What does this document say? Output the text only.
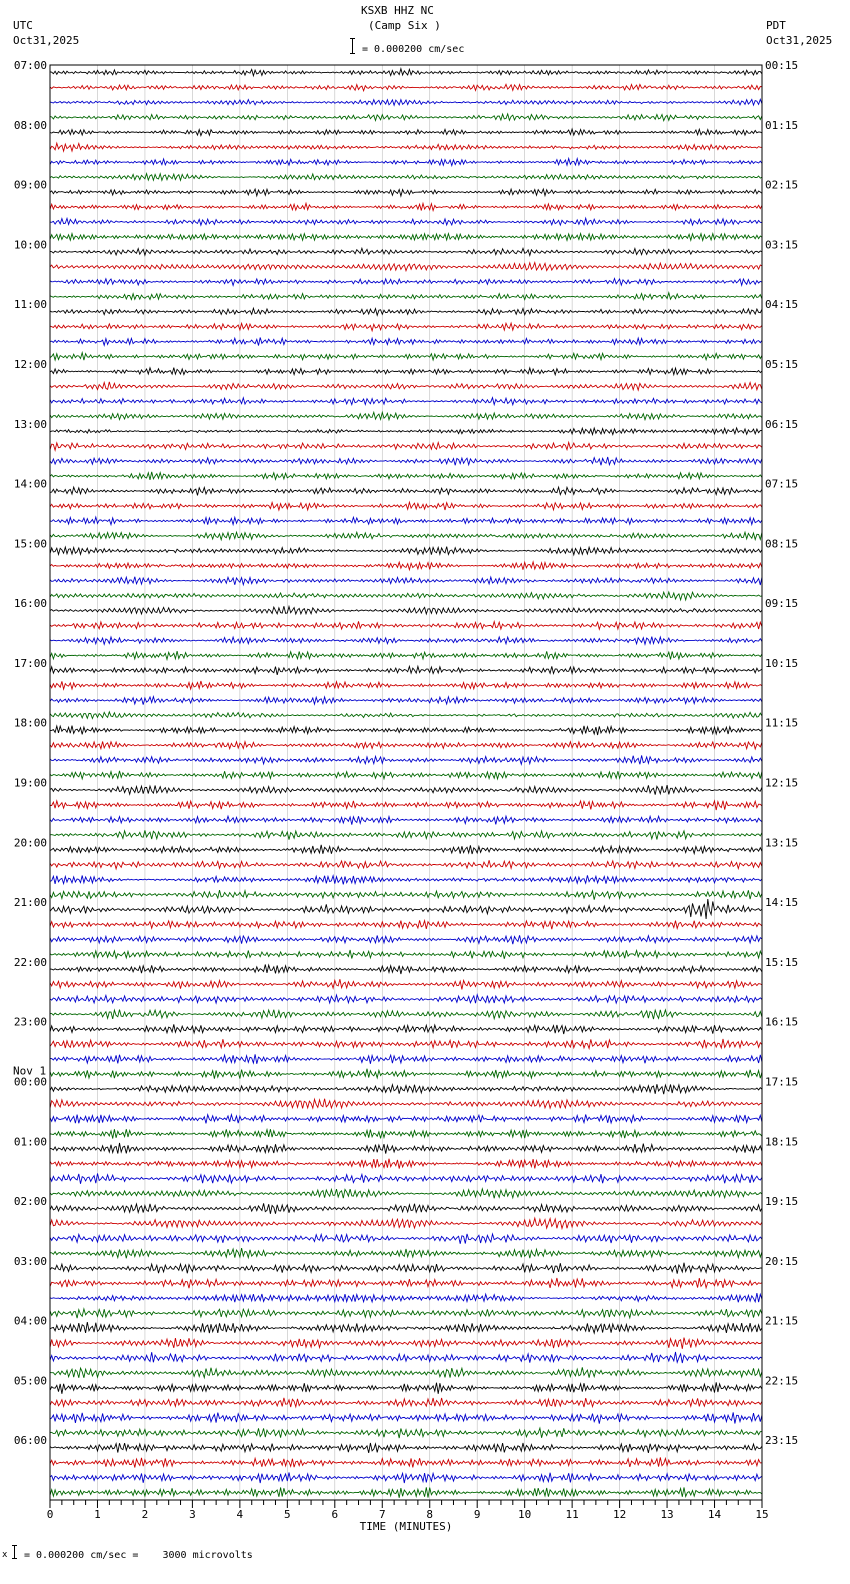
KSXB HHZ NC
(Camp Six )
= 0.000200 cm/sec
UTC
Oct31,2025
PDT
Oct31,2025
07:00
08:00
09:00
10:00
11:00
12:00
13:00
14:00
15:00
16:00
17:00
18:00
19:00
20:00
21:00
22:00
23:00
Nov 1
00:00
01:00
02:00
03:00
04:00
05:00
06:00
00:15
01:15
02:15
03:15
04:15
05:15
06:15
07:15
08:15
09:15
10:15
11:15
12:15
13:15
14:15
15:15
16:15
17:15
18:15
19:15
20:15
21:15
22:15
23:15
0	1	2	3	4	5	6	7	8	9	10	11	12	13	14	15
TIME (MINUTES)
x = 0.000200 cm/sec =    3000 microvolts
